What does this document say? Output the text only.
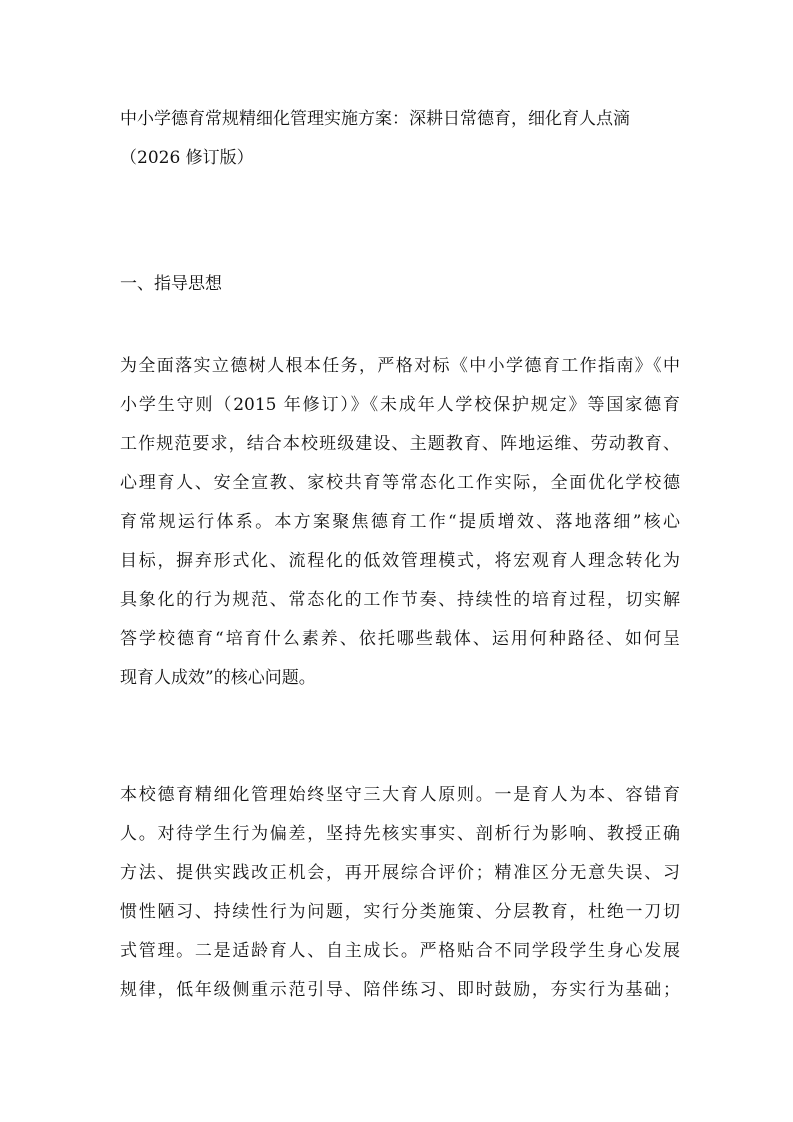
中小学德育常规精细化管理实施方案：深耕日常德育，细化育人点滴
（2026 修订版）
一、指导思想

为全面落实立德树人根本任务，严格对标《中小学德育工作指南》《中
小学生守则（2015 年修订）》《未成年人学校保护规定》等国家德育
工作规范要求，结合本校班级建设、主题教育、阵地运维、劳动教育、
心理育人、安全宣教、家校共育等常态化工作实际，全面优化学校德
育常规运行体系。本方案聚焦德育工作“提质增效、落地落细”核心
目标，摒弃形式化、流程化的低效管理模式，将宏观育人理念转化为
具象化的行为规范、常态化的工作节奏、持续性的培育过程，切实解
答学校德育“培育什么素养、依托哪些载体、运用何种路径、如何呈
现育人成效”的核心问题。

本校德育精细化管理始终坚守三大育人原则。一是育人为本、容错育
人。对待学生行为偏差，坚持先核实事实、剖析行为影响、教授正确
方法、提供实践改正机会，再开展综合评价；精准区分无意失误、习
惯性陋习、持续性行为问题，实行分类施策、分层教育，杜绝一刀切
式管理。二是适龄育人、自主成长。严格贴合不同学段学生身心发展
规律，低年级侧重示范引导、陪伴练习、即时鼓励，夯实行为基础；
